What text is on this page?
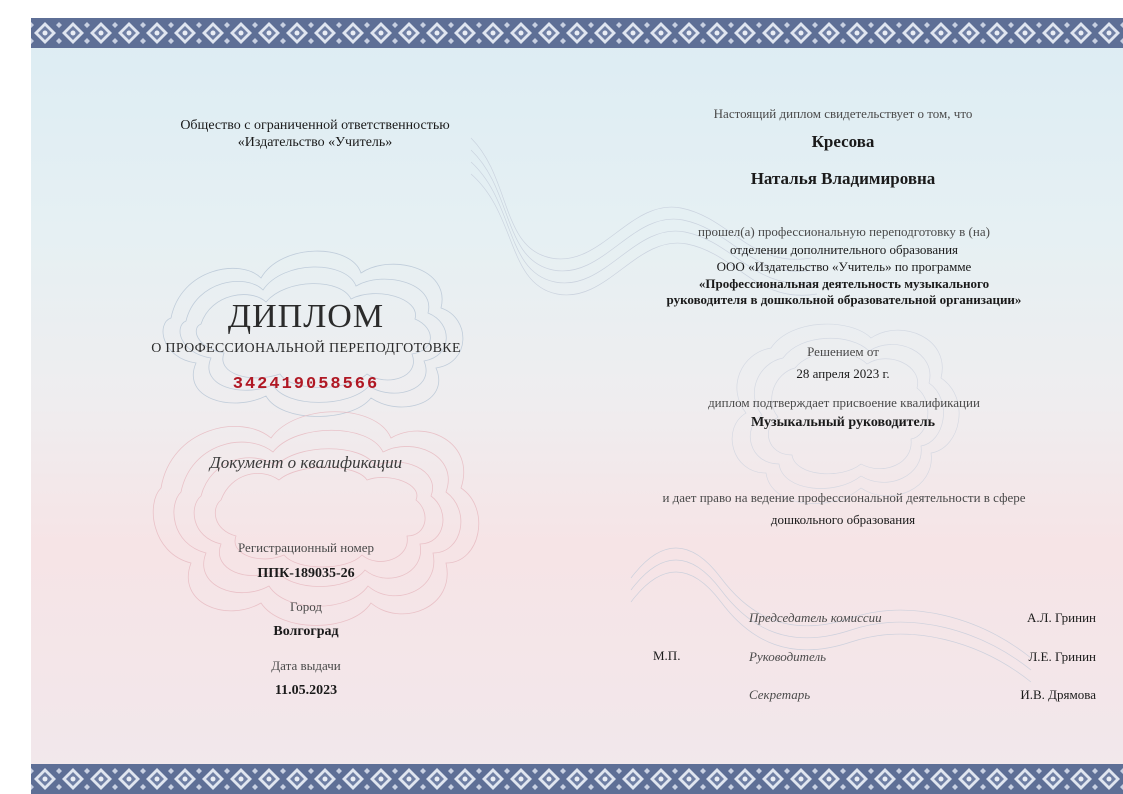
Общество с ограниченной ответственностью
«Издательство «Учитель»
ДИПЛОМ
О ПРОФЕССИОНАЛЬНОЙ ПЕРЕПОДГОТОВКЕ
342419058566
Документ о квалификации
Регистрационный номер
ППК-189035-26
Город
Волгоград
Дата выдачи
11.05.2023
Настоящий диплом свидетельствует о том, что
Кресова
Наталья Владимировна
прошел(а) профессиональную переподготовку в (на)
отделении дополнительного образования
ООО «Издательство «Учитель» по программе
«Профессиональная деятельность музыкального
руководителя в дошкольной образовательной организации»
Решением от
28 апреля 2023 г.
диплом подтверждает присвоение квалификации
Музыкальный руководитель
и дает право на ведение профессиональной деятельности в сфере
дошкольного образования
М.П.
Председатель комиссии	А.Л. Гринин
Руководитель	Л.Е. Гринин
Секретарь	И.В. Дрямова
